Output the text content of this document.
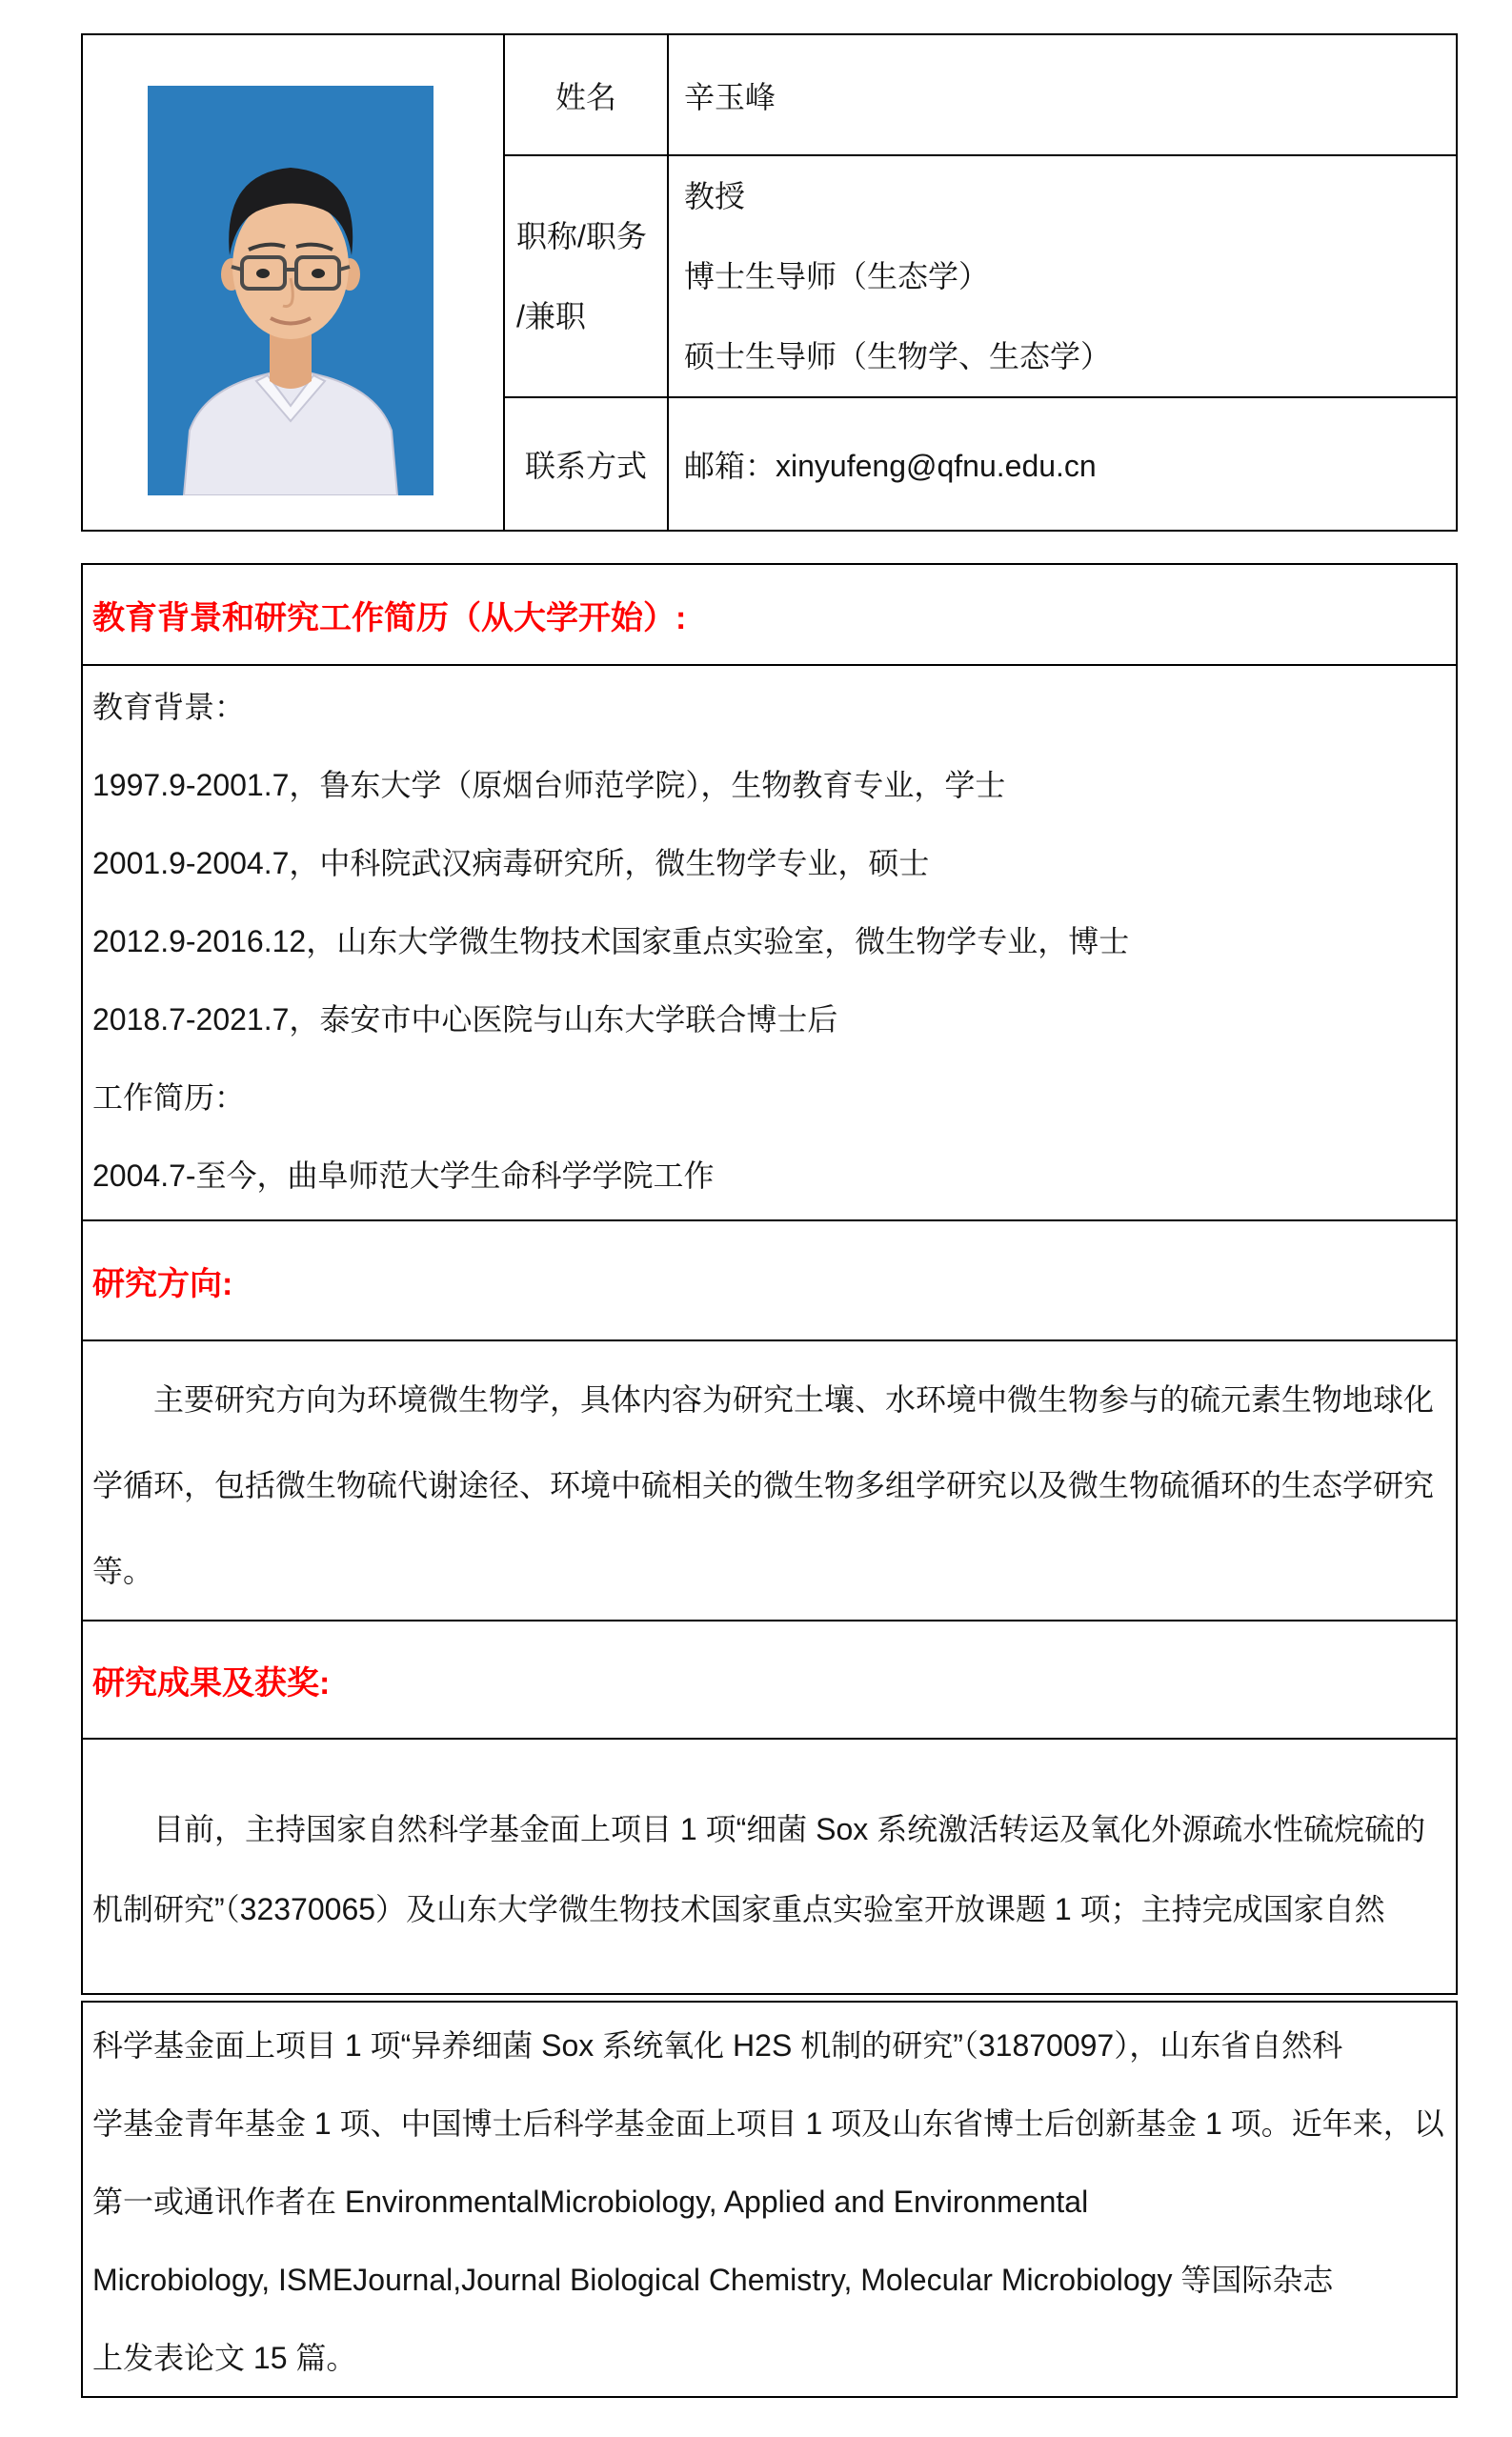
姓名	辛玉峰
职称/职务
/兼职
教授
博士生导师（生态学）
硕士生导师（生物学、生态学）
联系方式	邮箱：xinyufeng@qfnu.edu.cn
教育背景和研究工作简历（从大学开始）:
教育背景：
1997.9-2001.7，鲁东大学（原烟台师范学院），生物教育专业，学士
2001.9-2004.7，中科院武汉病毒研究所，微生物学专业，硕士
2012.9-2016.12，山东大学微生物技术国家重点实验室，微生物学专业，博士
2018.7-2021.7，泰安市中心医院与山东大学联合博士后
工作简历：
2004.7-至今，曲阜师范大学生命科学学院工作
研究方向:
主要研究方向为环境微生物学，具体内容为研究土壤、水环境中微生物参与的硫元素生物地球化
学循环，包括微生物硫代谢途径、环境中硫相关的微生物多组学研究以及微生物硫循环的生态学研究
等。
研究成果及获奖:
目前，主持国家自然科学基金面上项目 1 项“细菌 Sox 系统激活转运及氧化外源疏水性硫烷硫的
机制研究”（32370065）及山东大学微生物技术国家重点实验室开放课题 1 项；主持完成国家自然
科学基金面上项目 1 项“异养细菌 Sox 系统氧化 H2S 机制的研究”（31870097），山东省自然科
学基金青年基金 1 项、中国博士后科学基金面上项目 1 项及山东省博士后创新基金 1 项。近年来，以
第一或通讯作者在 EnvironmentalMicrobiology, Applied and Environmental
Microbiology, ISMEJournal,Journal Biological Chemistry, Molecular Microbiology 等国际杂志
上发表论文 15 篇。
